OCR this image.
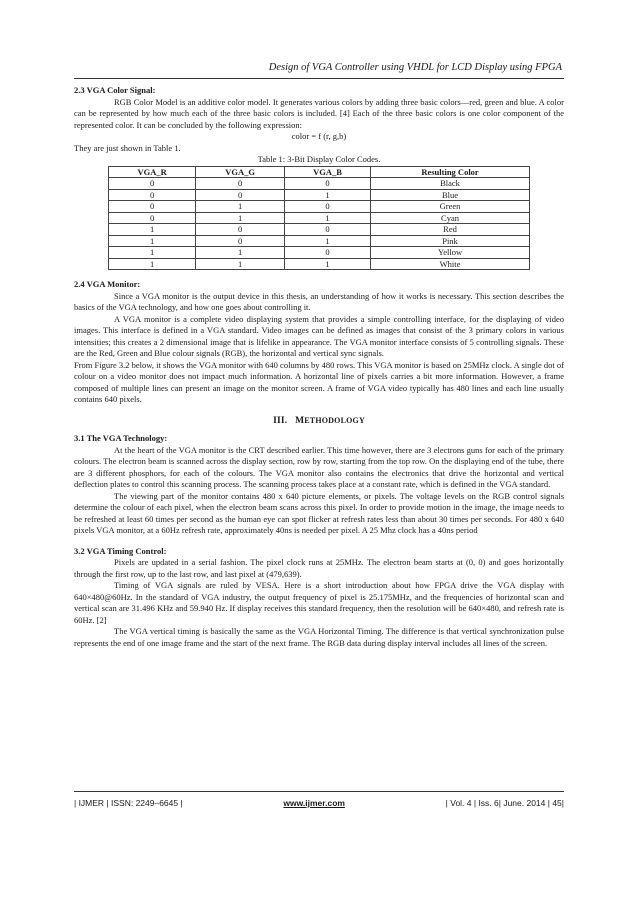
Design of VGA Controller using VHDL for LCD Display using FPGA

2.3 VGA Color Signal:

RGB Color Model is an additive color model. It generates various colors by adding three basic colors—red, green and blue. A color can be represented by how much each of the three basic colors is included. [4] Each of the three basic colors is one color component of the represented color. It can be concluded by the following expression:

color = f (r, g,b)

They are just shown in Table 1.

Table 1: 3-Bit Display Color Codes.

VGA_R	VGA_G	VGA_B	Resulting Color
0	0	0	Black
0	0	1	Blue
0	1	0	Green
0	1	1	Cyan
1	0	0	Red
1	0	1	Pink
1	1	0	Yellow
1	1	1	White

2.4 VGA Monitor:

Since a VGA monitor is the output device in this thesis, an understanding of how it works is necessary. This section describes the basics of the VGA technology, and how one goes about controlling it.

A VGA monitor is a complete video displaying system that provides a simple controlling interface, for the displaying of video images. This interface is defined in a VGA standard. Video images can be defined as images that consist of the 3 primary colors in various intensities; this creates a 2 dimensional image that is lifelike in appearance. The VGA monitor interface consists of 5 controlling signals. These are the Red, Green and Blue colour signals (RGB), the horizontal and vertical sync signals.

From Figure 3.2 below, it shows the VGA monitor with 640 columns by 480 rows. This VGA monitor is based on 25MHz clock. A single dot of colour on a video monitor does not impact much information. A horizontal line of pixels carries a bit more information. However, a frame composed of multiple lines can present an image on the monitor screen. A frame of VGA video typically has 480 lines and each line usually contains 640 pixels.

III. METHODOLOGY

3.1 The VGA Technology:

At the heart of the VGA monitor is the CRT described earlier. This time however, there are 3 electrons guns for each of the primary colours. The electron beam is scanned across the display section, row by row, starting from the top row. On the displaying end of the tube, there are 3 different phosphors, for each of the colours. The VGA monitor also contains the electronics that drive the horizontal and vertical deflection plates to control this scanning process. The scanning process takes place at a constant rate, which is defined in the VGA standard.

The viewing part of the monitor contains 480 x 640 picture elements, or pixels. The voltage levels on the RGB control signals determine the colour of each pixel, when the electron beam scans across this pixel. In order to provide motion in the image, the image needs to be refreshed at least 60 times per second as the human eye can spot flicker at refresh rates less than about 30 times per seconds. For 480 x 640 pixels VGA monitor, at a 60Hz refresh rate, approximately 40ns is needed per pixel. A 25 Mhz clock has a 40ns period

3.2 VGA Timing Control:

Pixels are updated in a serial fashion. The pixel clock runs at 25MHz. The electron beam starts at (0, 0) and goes horizontally through the first row, up to the last row, and last pixel at (479,639).

Timing of VGA signals are ruled by VESA. Here is a short introduction about how FPGA drive the VGA display with 640×480@60Hz. In the standard of VGA industry, the output frequency of pixel is 25.175MHz, and the frequencies of horizontal scan and vertical scan are 31.496 KHz and 59.940 Hz. If display receives this standard frequency, then the resolution will be 640×480, and refresh rate is 60Hz. [2]

The VGA vertical timing is basically the same as the VGA Horizontal Timing. The difference is that vertical synchronization pulse represents the end of one image frame and the start of the next frame. The RGB data during display interval includes all lines of the screen.

| IJMER | ISSN: 2249–6645 |	www.ijmer.com	| Vol. 4 | Iss. 6| June. 2014 | 45|
